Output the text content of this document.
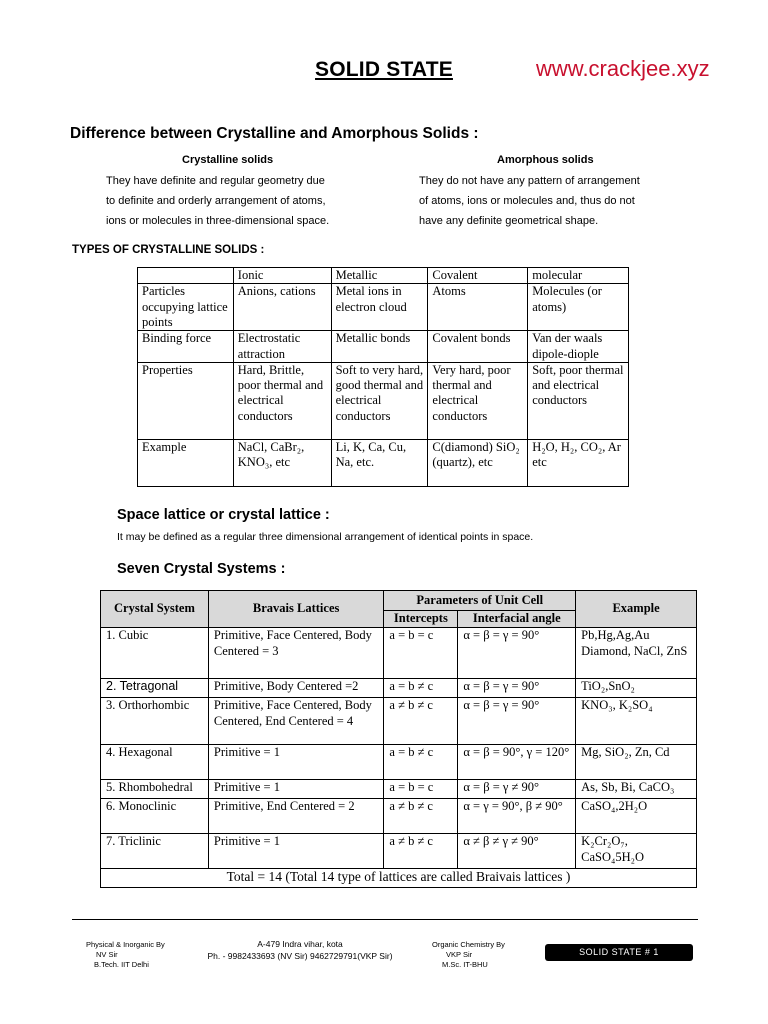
SOLID STATE	www.crackjee.xyz
Difference between Crystalline and Amorphous Solids :
Crystalline solids
They have definite and regular geometry due
to definite and orderly arrangement of atoms,
ions or molecules in three-dimensional space.
Amorphous solids
They do not have any pattern of arrangement
of atoms, ions or molecules and, thus do not
have any definite geometrical shape.
TYPES OF CRYSTALLINE SOLIDS :
	Ionic	Metallic	Covalent	molecular
Particles occupying lattice points	Anions, cations	Metal ions in electron cloud	Atoms	Molecules (or atoms)
Binding force	Electrostatic attraction	Metallic bonds	Covalent bonds	Van der waals dipole-diople
Properties	Hard, Brittle, poor thermal and electrical conductors	Soft to very hard, good thermal and electrical conductors	Very hard, poor thermal and electrical conductors	Soft, poor thermal and electrical conductors
Example	NaCl, CaBr₂, KNO₃, etc	Li, K, Ca, Cu, Na, etc.	C(diamond) SiO₂ (quartz), etc	H₂O, H₂, CO₂, Ar etc
Space lattice or crystal lattice :
It may be defined as a regular three dimensional arrangement of identical points in space.
Seven Crystal Systems :
Crystal System	Bravais Lattices	Parameters of Unit Cell		Example
		Intercepts	Interfacial angle	
1. Cubic	Primitive, Face Centered, Body Centered = 3	a = b = c	α = β = γ = 90°	Pb,Hg,Ag,Au Diamond, NaCl, ZnS
2. Tetragonal	Primitive, Body Centered =2	a = b ≠ c	α = β = γ = 90°	TiO₂,SnO₂
3. Orthorhombic	Primitive, Face Centered, Body Centered, End Centered = 4	a ≠ b ≠ c	α = β = γ = 90°	KNO₃, K₂SO₄
4. Hexagonal	Primitive = 1	a = b ≠ c	α = β = 90°, γ = 120°	Mg, SiO₂, Zn, Cd
5. Rhombohedral	Primitive = 1	a = b = c	α = β = γ ≠ 90°	As, Sb, Bi, CaCO₃
6. Monoclinic	Primitive, End Centered = 2	a ≠ b ≠ c	α = γ = 90°, β ≠ 90°	CaSO₄,2H₂O
7. Triclinic	Primitive = 1	a ≠ b ≠ c	α ≠ β ≠ γ ≠ 90°	K₂Cr₂O₇, CaSO₄5H₂O
Total = 14 (Total 14 type of lattices are called Braivais lattices )				
Physical & Inorganic By
NV Sir
B.Tech. IIT Delhi
A-479 Indra vihar, kota
Ph. - 9982433693 (NV Sir) 9462729791(VKP Sir)
Organic Chemistry By
VKP Sir
M.Sc. IT-BHU
SOLID STATE # 1
